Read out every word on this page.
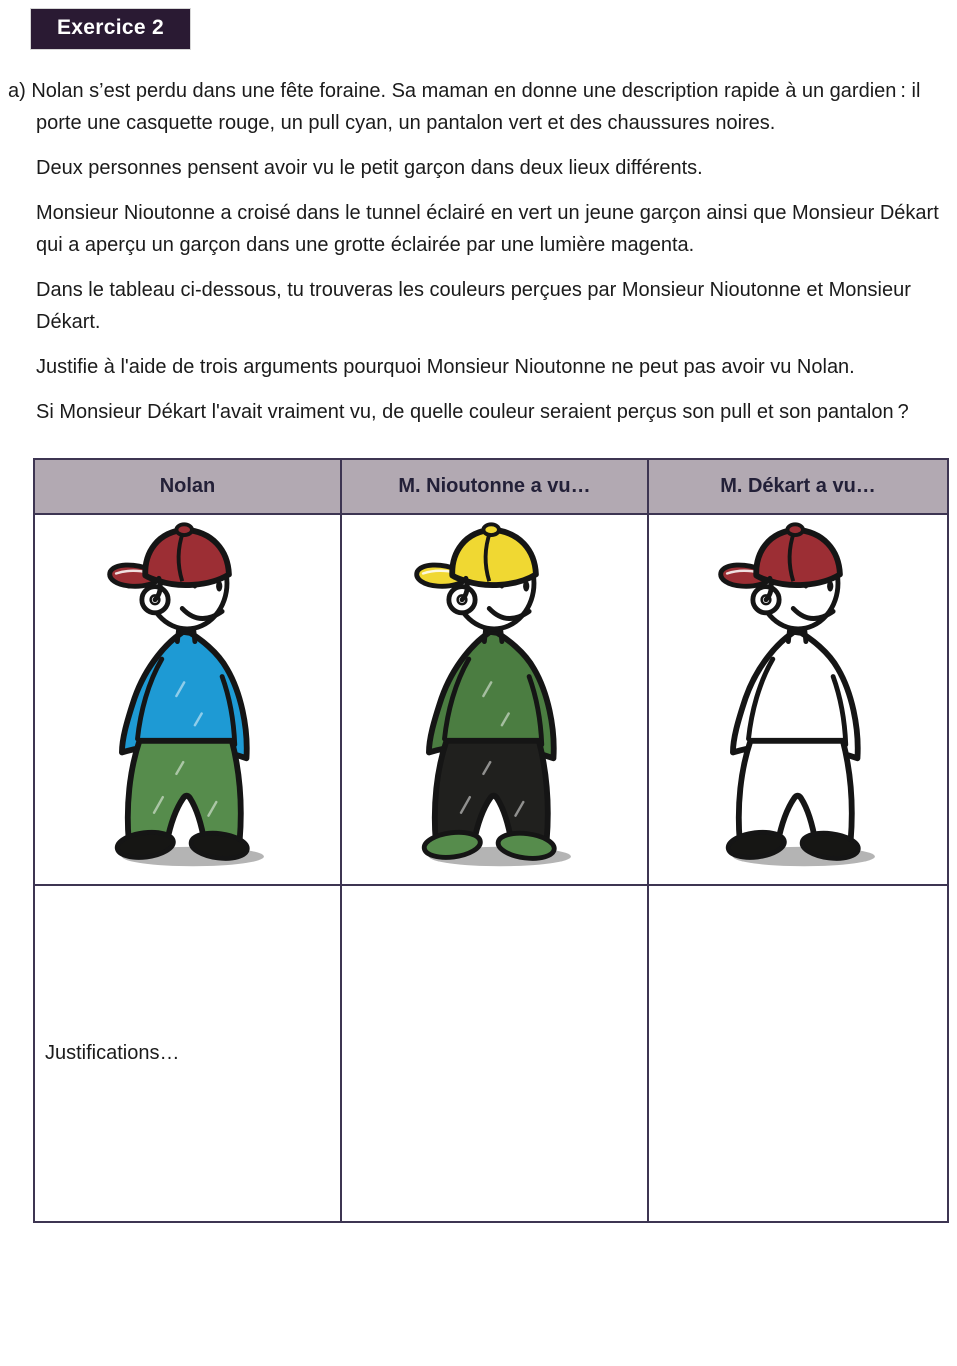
Exercice 2

a) Nolan s’est perdu dans une fête foraine. Sa maman en donne une description rapide à un gardien : il porte une casquette rouge, un pull cyan, un pantalon vert et des chaussures noires.

Deux personnes pensent avoir vu le petit garçon dans deux lieux différents.

Monsieur Nioutonne a croisé dans le tunnel éclairé en vert un jeune garçon ainsi que Monsieur Dékart qui a aperçu un garçon dans une grotte éclairée par une lumière magenta.

Dans le tableau ci-dessous, tu trouveras les couleurs perçues par Monsieur Nioutonne et Monsieur Dékart.

Justifie à l'aide de trois arguments pourquoi Monsieur Nioutonne ne peut pas avoir vu Nolan.

Si Monsieur Dékart l'avait vraiment vu, de quelle couleur seraient perçus son pull et son pantalon ?

Nolan	M. Nioutonne a vu…	M. Dékart a vu…

Justifications…		
